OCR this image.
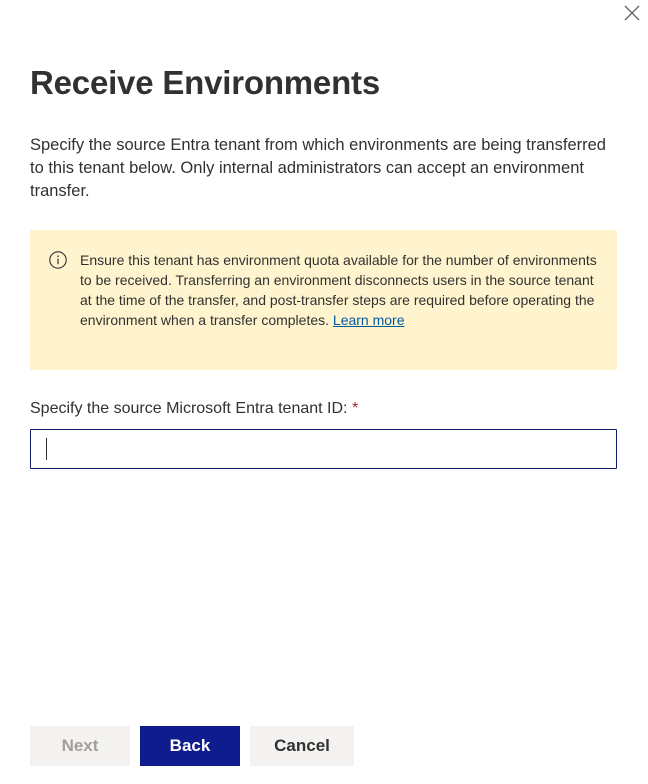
Receive Environments

Specify the source Entra tenant from which environments are being transferred to this tenant below. Only internal administrators can accept an environment transfer.

Ensure this tenant has environment quota available for the number of environments to be received. Transferring an environment disconnects users in the source tenant at the time of the transfer, and post-transfer steps are required before operating the environment when a transfer completes. Learn more
Specify the source Microsoft Entra tenant ID: *
Next	Back	Cancel
